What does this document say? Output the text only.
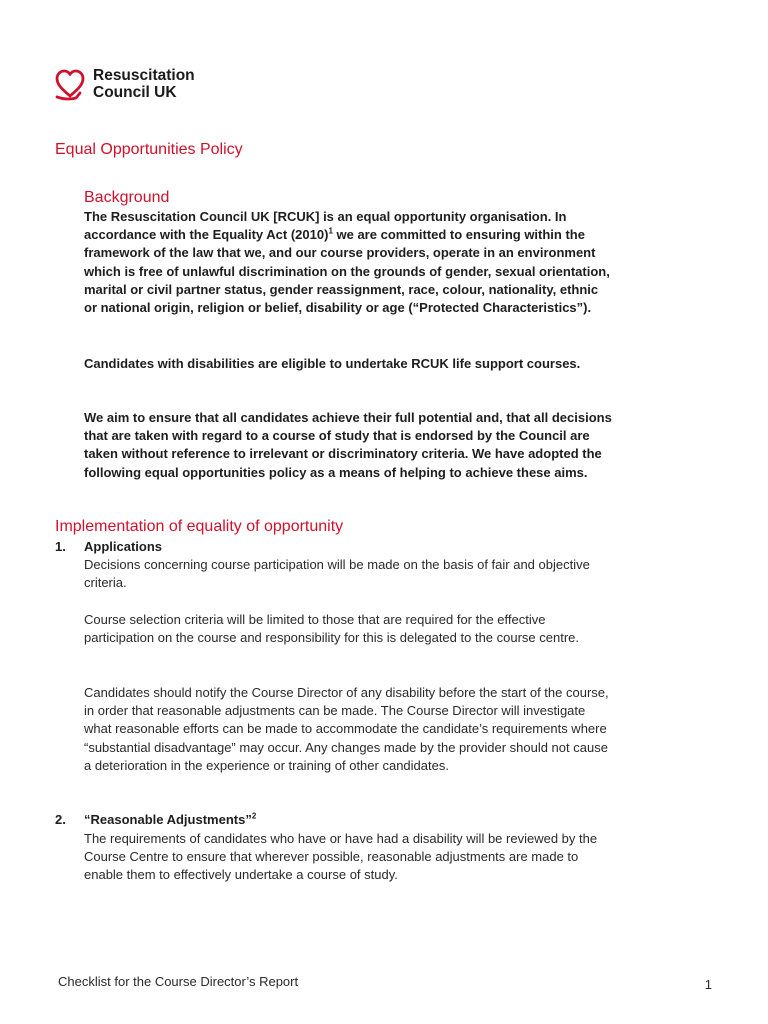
Resuscitation
Council UK
Equal Opportunities Policy
Background

The Resuscitation Council UK [RCUK] is an equal opportunity organisation. In accordance with the Equality Act $(2010)^1$ we are committed to ensuring within the framework of the law that we, and our course providers, operate in an environment which is free of unlawful discrimination on the grounds of gender, sexual orientation, marital or civil partner status, gender reassignment, race, colour, nationality, ethnic or national origin, religion or belief, disability or age (“Protected Characteristics”).

Candidates with disabilities are eligible to undertake RCUK life support courses.

We aim to ensure that all candidates achieve their full potential and, that all decisions that are taken with regard to a course of study that is endorsed by the Council are taken without reference to irrelevant or discriminatory criteria. We have adopted the following equal opportunities policy as a means of helping to achieve these aims.

Implementation of equality of opportunity
1. Applications

Decisions concerning course participation will be made on the basis of fair and objective criteria.

Course selection criteria will be limited to those that are required for the effective participation on the course and responsibility for this is delegated to the course centre.

Candidates should notify the Course Director of any disability before the start of the course, in order that reasonable adjustments can be made. The Course Director will investigate what reasonable efforts can be made to accommodate the candidate’s requirements where “substantial disadvantage” may occur. Any changes made by the provider should not cause a deterioration in the experience or training of other candidates.

2. “Reasonable Adjustments”$^2$

The requirements of candidates who have or have had a disability will be reviewed by the Course Centre to ensure that wherever possible, reasonable adjustments are made to enable them to effectively undertake a course of study.

Checklist for the Course Director’s Report	1
